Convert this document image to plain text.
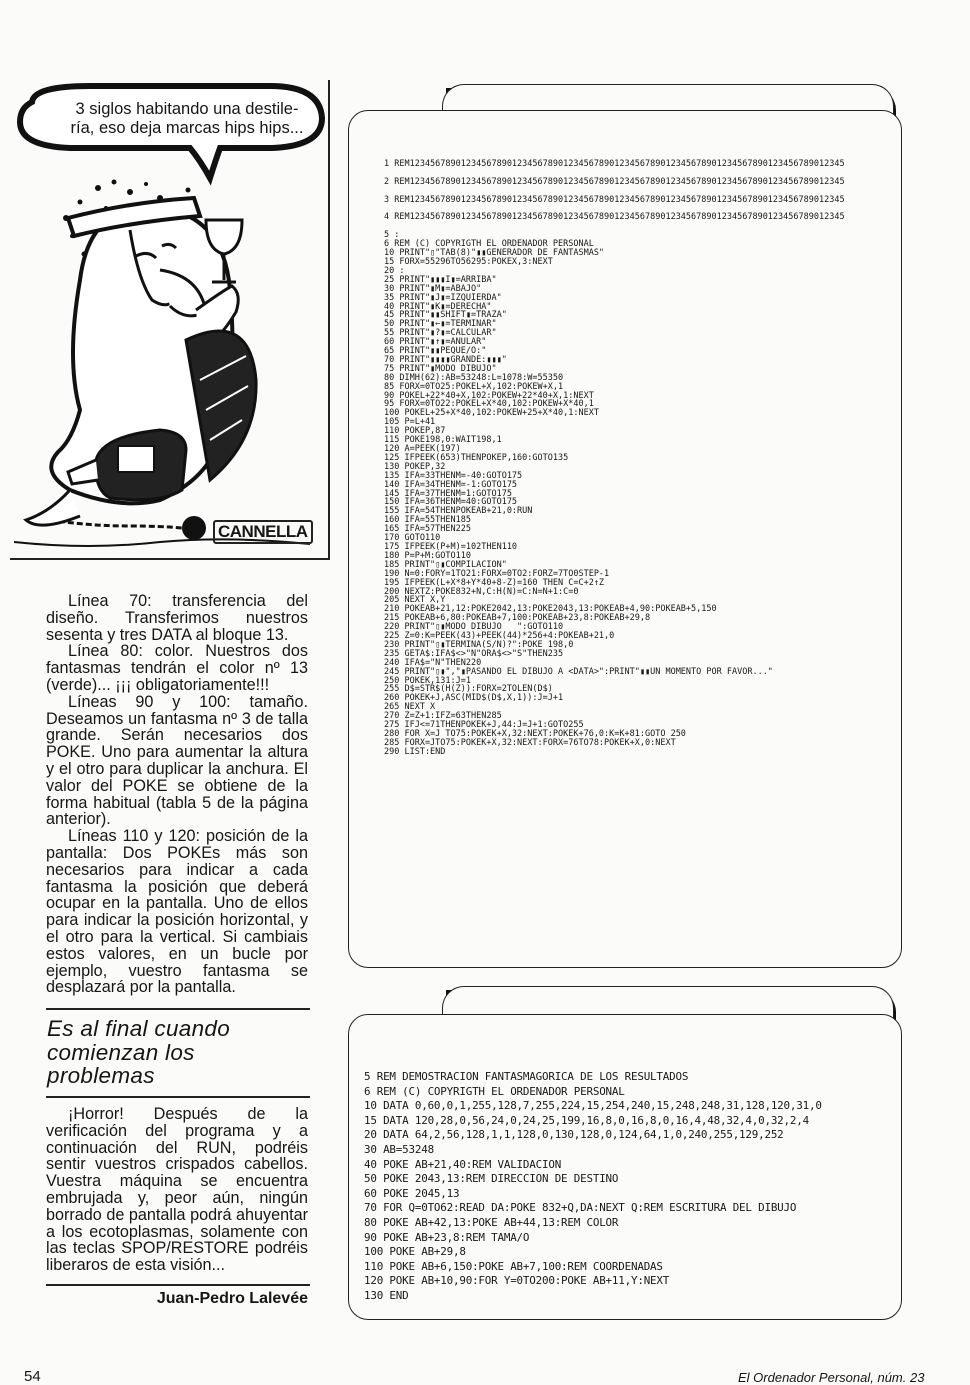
3 siglos habitando una destile-
ría, eso deja marcas hips hips...
CANNELLA

Línea 70: transferencia del diseño. Transferimos nuestros sesenta y tres DATA al bloque 13.

Línea 80: color. Nuestros dos fantasmas tendrán el color nº 13 (verde)... ¡¡¡ obligatoriamente!!!

Líneas 90 y 100: tamaño. Deseamos un fantasma nº 3 de talla grande. Serán necesarios dos POKE. Uno para aumentar la altura y el otro para duplicar la anchura. El valor del POKE se obtiene de la forma habitual (tabla 5 de la página anterior).

Líneas 110 y 120: posición de la pantalla: Dos POKEs más son necesarios para indicar a cada fantasma la posición que deberá ocupar en la pantalla. Uno de ellos para indicar la posición horizontal, y el otro para la vertical. Si cambiais estos valores, en un bucle por ejemplo, vuestro fantasma se desplazará por la pantalla.

Es al final cuando comienzan los problemas

¡Horror! Después de la verificación del programa y a continuación del RUN, podréis sentir vuestros crispados cabellos. Vuestra máquina se encuentra embrujada y, peor aún, ningún borrado de pantalla podrá ahuyentar a los ecotoplasmas, solamente con las teclas SPOP/RESTORE podréis liberaros de esta visión...

Juan-Pedro Lalevée
1 REM1234567890123456789012345678901234567890123456789012345678901234567890123456789012345

2 REM1234567890123456789012345678901234567890123456789012345678901234567890123456789012345

3 REM1234567890123456789012345678901234567890123456789012345678901234567890123456789012345

4 REM1234567890123456789012345678901234567890123456789012345678901234567890123456789012345

5 :
6 REM (C) COPYRIGTH EL ORDENADOR PERSONAL
10 PRINT"▯"TAB(8)"▮▮GENERADOR DE FANTASMAS"
15 FORX=55296TO56295:POKEX,3:NEXT
20 :
25 PRINT"▮▮▮I▮=ARRIBA"
30 PRINT"▮M▮=ABAJO"
35 PRINT"▮J▮=IZQUIERDA"
40 PRINT"▮K▮=DERECHA"
45 PRINT"▮▮SHIFT▮=TRAZA"
50 PRINT"▮←▮=TERMINAR"
55 PRINT"▮?▮=CALCULAR"
60 PRINT"▮↑▮=ANULAR"
65 PRINT"▮▮PEQUE/O:"
70 PRINT"▮▮▮▮GRANDE:▮▮▮"
75 PRINT"▮MODO DIBUJO"
80 DIMH(62):AB=53248:L=1078:W=55350
85 FORX=0TO25:POKEL+X,102:POKEW+X,1
90 POKEL+22*40+X,102:POKEW+22*40+X,1:NEXT
95 FORX=0TO22:POKEL+X*40,102:POKEW+X*40,1
100 POKEL+25+X*40,102:POKEW+25+X*40,1:NEXT
105 P=L+41
110 POKEP,87
115 POKE198,0:WAIT198,1
120 A=PEEK(197)
125 IFPEEK(653)THENPOKEP,160:GOTO135
130 POKEP,32
135 IFA=33THENM=-40:GOTO175
140 IFA=34THENM=-1:GOTO175
145 IFA=37THENM=1:GOTO175
150 IFA=36THENM=40:GOTO175
155 IFA=54THENPOKEAB+21,0:RUN
160 IFA=55THEN185
165 IFA=57THEN225
170 GOTO110
175 IFPEEK(P+M)=102THEN110
180 P=P+M:GOTO110
185 PRINT"▯▮COMPILACION"
190 N=0:FORY=1TO21:FORX=0TO2:FORZ=7TO0STEP-1
195 IFPEEK(L+X*8+Y*40+8-Z)=160 THEN C=C+2↑Z
200 NEXTZ:POKE832+N,C:H(N)=C:N=N+1:C=0
205 NEXT X,Y
210 POKEAB+21,12:POKE2042,13:POKE2043,13:POKEAB+4,90:POKEAB+5,150
215 POKEAB+6,80:POKEAB+7,100:POKEAB+23,8:POKEAB+29,8
220 PRINT"▯▮MODO DIBUJO   ":GOTO110
225 Z=0:K=PEEK(43)+PEEK(44)*256+4:POKEAB+21,0
230 PRINT"▯▮TERMINA(S/N)?":POKE 198,0
235 GETA$:IFA$<>"N"ORA$<>"S"THEN235
240 IFA$="N"THEN220
245 PRINT"▯▮","▮PASANDO EL DIBUJO A <DATA>":PRINT"▮▮UN MOMENTO POR FAVOR..."
250 POKEK,131:J=1
255 D$=STR$(H(Z)):FORX=2TOLEN(D$)
260 POKEK+J,ASC(MID$(D$,X,1)):J=J+1
265 NEXT X
270 Z=Z+1:IFZ=63THEN285
275 IFJ<=71THENPOKEK+J,44:J=J+1:GOTO255
280 FOR X=J TO75:POKEK+X,32:NEXT:POKEK+76,0:K=K+81:GOTO 250
285 FORX=JTO75:POKEK+X,32:NEXT:FORX=76TO78:POKEK+X,0:NEXT
290 LIST:END
5 REM DEMOSTRACION FANTASMAGORICA DE LOS RESULTADOS
6 REM (C) COPYRIGTH EL ORDENADOR PERSONAL
10 DATA 0,60,0,1,255,128,7,255,224,15,254,240,15,248,248,31,128,120,31,0
15 DATA 120,28,0,56,24,0,24,25,199,16,8,0,16,8,0,16,4,48,32,4,0,32,2,4
20 DATA 64,2,56,128,1,1,128,0,130,128,0,124,64,1,0,240,255,129,252
30 AB=53248
40 POKE AB+21,40:REM VALIDACION
50 POKE 2043,13:REM DIRECCION DE DESTINO
60 POKE 2045,13
70 FOR Q=0TO62:READ DA:POKE 832+Q,DA:NEXT Q:REM ESCRITURA DEL DIBUJO
80 POKE AB+42,13:POKE AB+44,13:REM COLOR
90 POKE AB+23,8:REM TAMA/O
100 POKE AB+29,8
110 POKE AB+6,150:POKE AB+7,100:REM COORDENADAS
120 POKE AB+10,90:FOR Y=0TO200:POKE AB+11,Y:NEXT
130 END
54	El Ordenador Personal, núm. 23
